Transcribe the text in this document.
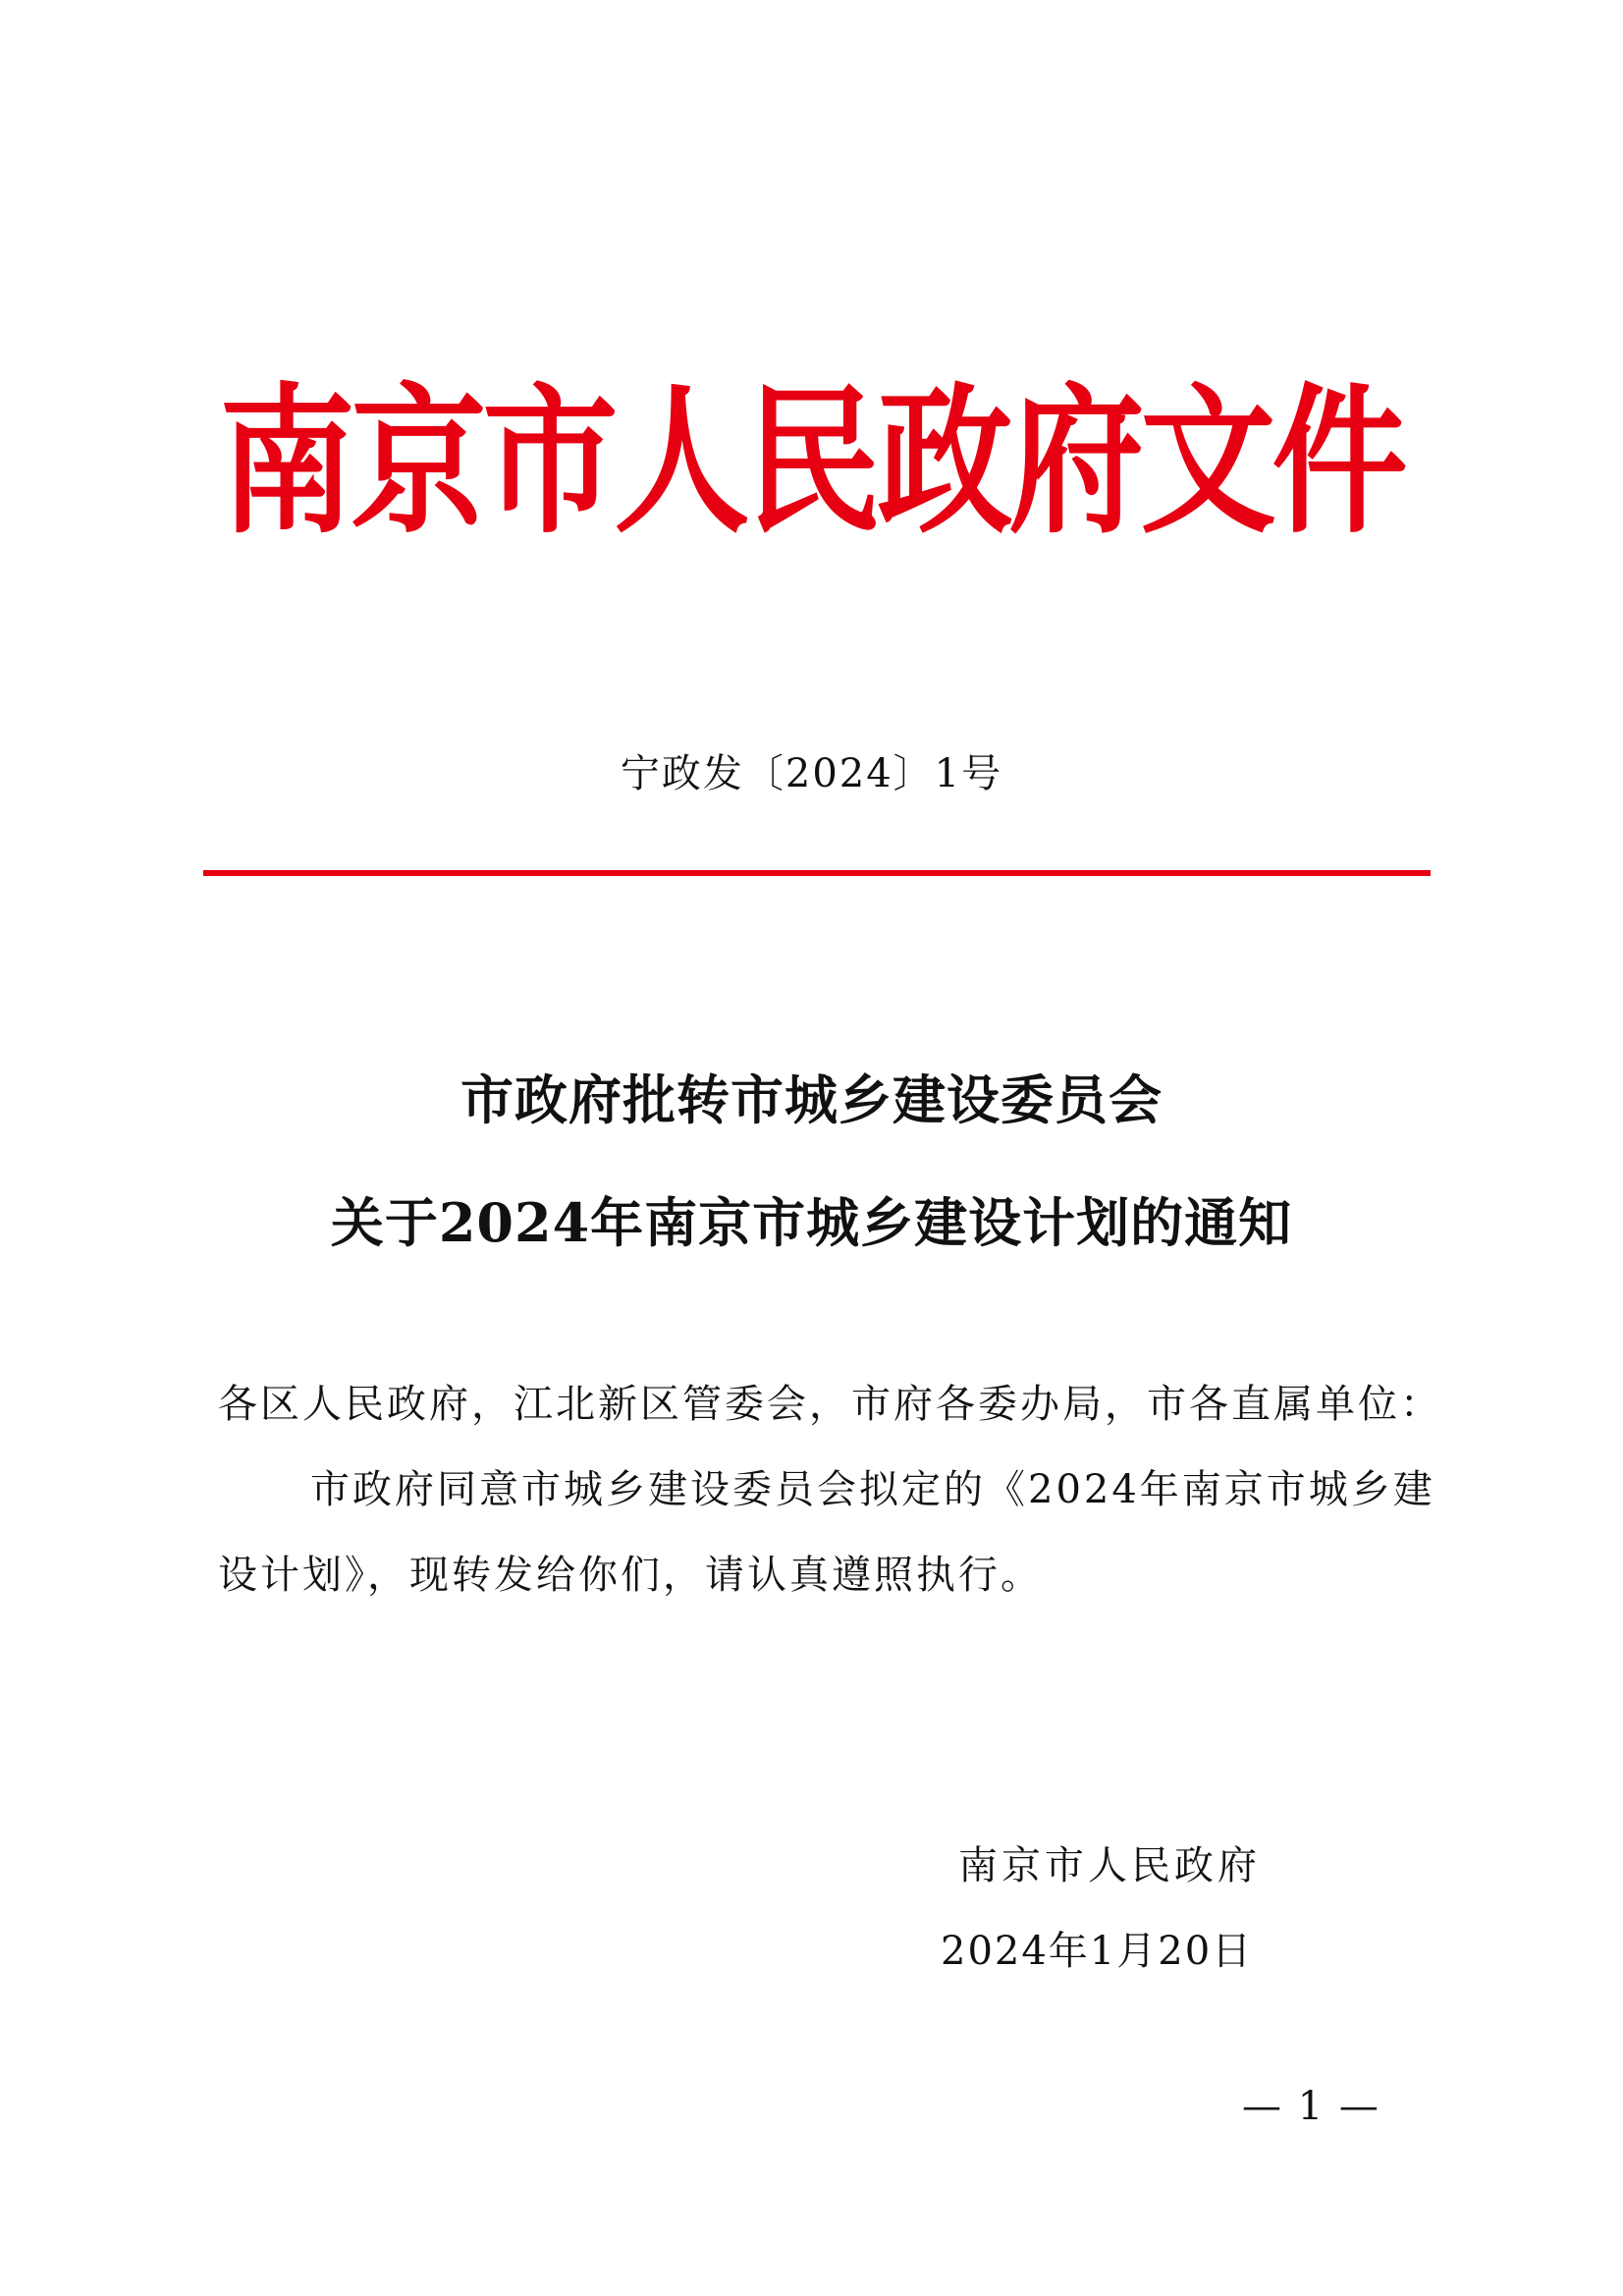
南京市人民政府文件
宁政发〔2024〕1号
市政府批转市城乡建设委员会
关于2024年南京市城乡建设计划的通知
各区人民政府，江北新区管委会，市府各委办局，市各直属单位：
市政府同意市城乡建设委员会拟定的《2024年南京市城乡建
设计划》，现转发给你们，请认真遵照执行。
南京市人民政府
2024年1月20日
— 1 —
